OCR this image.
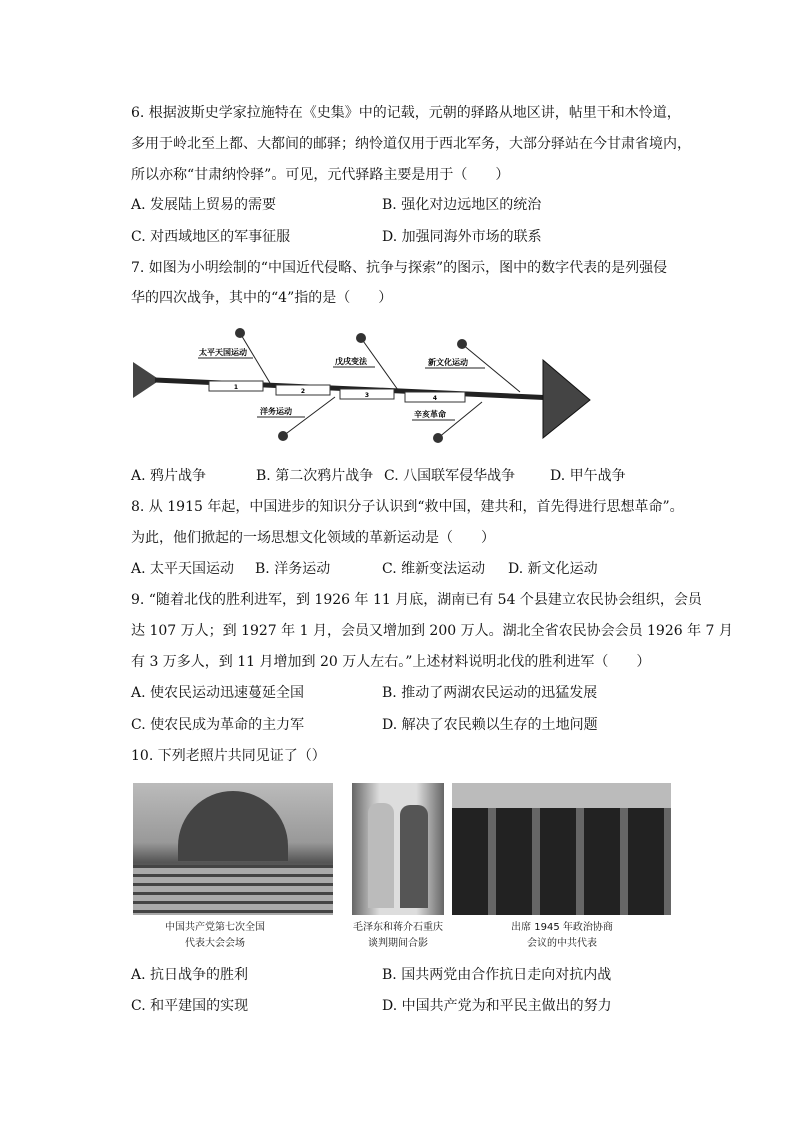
6. 根据波斯史学家拉施特在《史集》中的记载，元朝的驿路从地区讲，帖里干和木怜道，
多用于岭北至上都、大都间的邮驿；纳怜道仅用于西北军务，大部分驿站在今甘肃省境内，
所以亦称“甘肃纳怜驿”。可见，元代驿路主要是用于（　　）
A. 发展陆上贸易的需要	B. 强化对边远地区的统治
C. 对西域地区的军事征服	D. 加强同海外市场的联系
7. 如图为小明绘制的“中国近代侵略、抗争与探索”的图示，图中的数字代表的是列强侵
华的四次战争，其中的“4”指的是（　　）
1
2
3	4
太平天国运动
洋务运动
戊戌变法
辛亥革命
新文化运动
A. 鸦片战争	B. 第二次鸦片战争 C. 八国联军侵华战争 D. 甲午战争
8. 从 1915 年起，中国进步的知识分子认识到“救中国，建共和，首先得进行思想革命”。
为此，他们掀起的一场思想文化领域的革新运动是（　　）
A. 太平天国运动 B. 洋务运动	C. 维新变法运动 D. 新文化运动
9. “随着北伐的胜利进军，到 1926 年 11 月底，湖南已有 54 个县建立农民协会组织，会员
达 107 万人；到 1927 年 1 月，会员又增加到 200 万人。湖北全省农民协会会员 1926 年 7 月
有 3 万多人，到 11 月增加到 20 万人左右。”上述材料说明北伐的胜利进军（　　）
A. 使农民运动迅速蔓延全国	B. 推动了两湖农民运动的迅猛发展
C. 使农民成为革命的主力军	D. 解决了农民赖以生存的土地问题
10. 下列老照片共同见证了（）
中国共产党第七次全国
代表大会会场
毛泽东和蒋介石重庆
谈判期间合影
出席 1945 年政治协商
会议的中共代表
A. 抗日战争的胜利	B. 国共两党由合作抗日走向对抗内战
C. 和平建国的实现	D. 中国共产党为和平民主做出的努力
